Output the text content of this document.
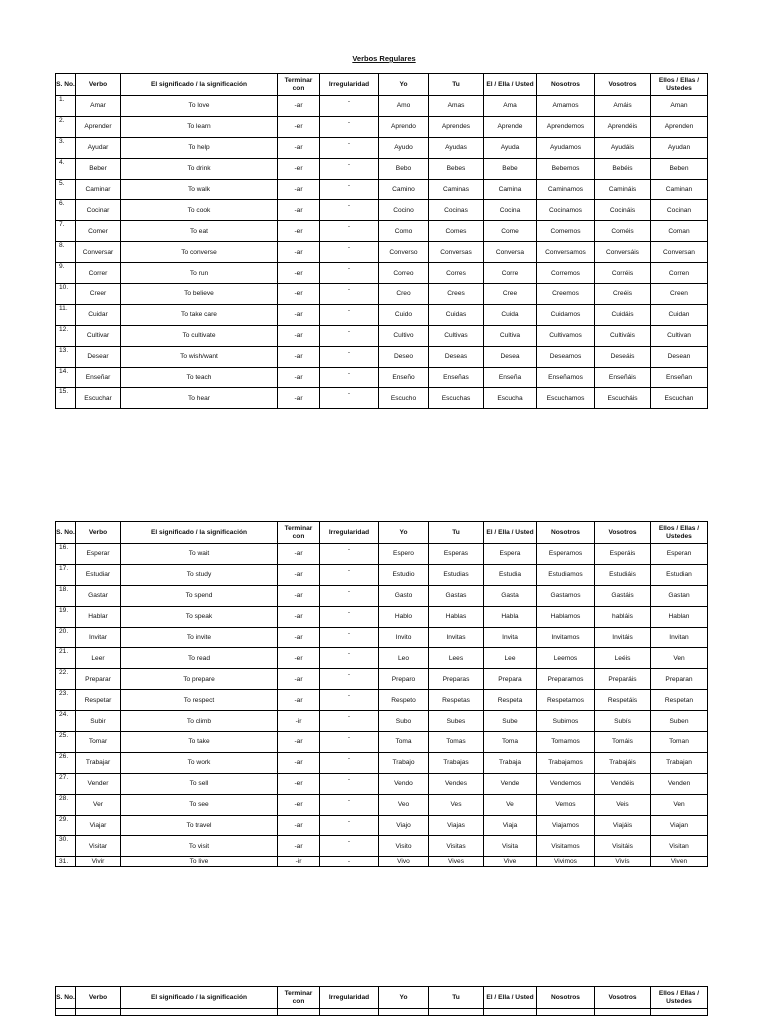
Verbos Regulares
S. No.	Verbo	El significado / la significación	Terminar con	Irregularidad	Yo	Tu	El / Ella / Usted	Nosotros	Vosotros	Ellos / Ellas / Ustedes
1.	Amar	To love	-ar	-	Amo	Amas	Ama	Amamos	Amáis	Aman
2.	Aprender	To learn	-er	-	Aprendo	Aprendes	Aprende	Aprendemos	Aprendéis	Aprenden
3.	Ayudar	To help	-ar	-	Ayudo	Ayudas	Ayuda	Ayudamos	Ayudáis	Ayudan
4.	Beber	To drink	-er	-	Bebo	Bebes	Bebe	Bebemos	Bebéis	Beben
5.	Caminar	To walk	-ar	-	Camino	Caminas	Camina	Caminamos	Camináis	Caminan
6.	Cocinar	To cook	-ar	-	Cocino	Cocinas	Cocina	Cocinamos	Cocináis	Cocinan
7.	Comer	To eat	-er	-	Como	Comes	Come	Comemos	Coméis	Coman
8.	Conversar	To converse	-ar	-	Converso	Conversas	Conversa	Conversamos	Conversáis	Conversan
9.	Correr	To run	-er	-	Correo	Corres	Corre	Corremos	Corréis	Corren
10.	Creer	To believe	-er	-	Creo	Crees	Cree	Creemos	Creéis	Creen
11.	Cuidar	To take care	-ar	-	Cuido	Cuidas	Cuida	Cuidamos	Cuidáis	Cuidan
12.	Cultivar	To cultivate	-ar	-	Cultivo	Cultivas	Cultiva	Cultivamos	Cultiváis	Cultivan
13.	Desear	To wish/want	-ar	-	Deseo	Deseas	Desea	Deseamos	Deseáis	Desean
14.	Enseñar	To teach	-ar	-	Enseño	Enseñas	Enseña	Enseñamos	Enseñáis	Enseñan
15.	Escuchar	To hear	-ar	-	Escucho	Escuchas	Escucha	Escuchamos	Escucháis	Escuchan
S. No.	Verbo	El significado / la significación	Terminar con	Irregularidad	Yo	Tu	El / Ella / Usted	Nosotros	Vosotros	Ellos / Ellas / Ustedes
16.	Esperar	To wait	-ar	-	Espero	Esperas	Espera	Esperamos	Esperáis	Esperan
17.	Estudiar	To study	-ar	-	Estudio	Estudias	Estudia	Estudiamos	Estudiáis	Estudian
18.	Gastar	To spend	-ar	-	Gasto	Gastas	Gasta	Gastamos	Gastáis	Gastan
19.	Hablar	To speak	-ar	-	Hablo	Hablas	Habla	Hablamos	habláis	Hablan
20.	Invitar	To invite	-ar	-	Invito	Invitas	Invita	Invitamos	Invitáis	Invitan
21.	Leer	To read	-er	-	Leo	Lees	Lee	Leemos	Leéis	Ven
22.	Preparar	To prepare	-ar	-	Preparo	Preparas	Prepara	Preparamos	Preparáis	Preparan
23.	Respetar	To respect	-ar	-	Respeto	Respetas	Respeta	Respetamos	Respetáis	Respetan
24.	Subir	To climb	-ir	-	Subo	Subes	Sube	Subimos	Subís	Suben
25.	Tomar	To take	-ar	-	Toma	Tomas	Toma	Tomamos	Tomáis	Toman
26.	Trabajar	To work	-ar	-	Trabajo	Trabajas	Trabaja	Trabajamos	Trabajáis	Trabajan
27.	Vender	To sell	-er	-	Vendo	Vendes	Vende	Vendemos	Vendéis	Venden
28.	Ver	To see	-er	-	Veo	Ves	Ve	Vemos	Veis	Ven
29.	Viajar	To travel	-ar	-	Viajo	Viajas	Viaja	Viajamos	Viajáis	Viajan
30.	Visitar	To visit	-ar	-	Visito	Visitas	Visita	Visitamos	Visitáis	Visitan
31.	Vivir	To live	-ir	-	Vivo	Vives	Vive	Vivimos	Vivís	Viven
S. No.	Verbo	El significado / la significación	Terminar con	Irregularidad	Yo	Tu	El / Ella / Usted	Nosotros	Vosotros	Ellos / Ellas / Ustedes
